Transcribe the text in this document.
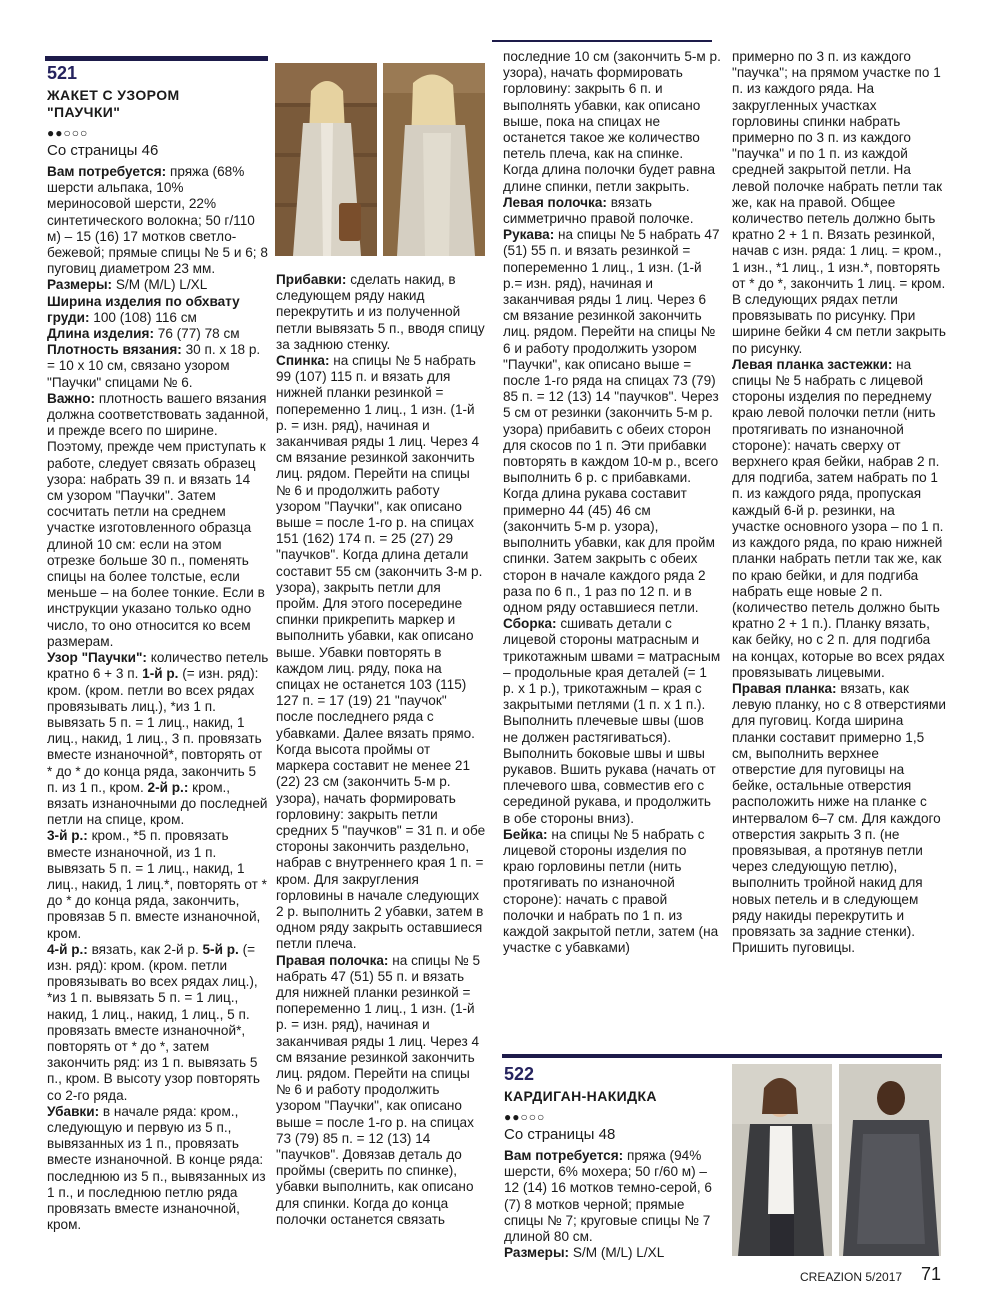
521
ЖАКЕТ С УЗОРОМ "ПАУЧКИ"
●●○○○
Со страницы 46

Вам потребуется: пряжа (68% шерсти альпака, 10% мериносовой шерсти, 22% синтетического волокна; 50 г/110 м) – 15 (16) 17 мотков светло-бежевой; прямые спицы № 5 и 6; 8 пуговиц диаметром 23 мм.

Размеры: S/M (M/L) L/XL

Ширина изделия по обхвату груди: 100 (108) 116 см

Длина изделия: 76 (77) 78 см

Плотность вязания: 30 п. х 18 р. = 10 х 10 см, связано узором "Паучки" спицами № 6.

Важно: плотность вашего вязания должна соответствовать заданной, и прежде всего по ширине. Поэтому, прежде чем приступать к работе, следует связать образец узора: набрать 39 п. и вязать 14 см узором "Паучки". Затем сосчитать петли на среднем участке изготовленного образца длиной 10 см: если на этом отрезке больше 30 п., поменять спицы на более толстые, если меньше – на более тонкие. Если в инструкции указано только одно число, то оно относится ко всем размерам.

Узор "Паучки": количество петель кратно 6 + 3 п. 1-й р. (= изн. ряд): кром. (кром. петли во всех рядах провязывать лиц.), *из 1 п. вывязать 5 п. = 1 лиц., накид, 1 лиц., накид, 1 лиц., 3 п. провязать вместе изнаночной*, повторять от * до * до конца ряда, закончить 5 п. из 1 п., кром. 2-й р.: кром., вязать изнаночными до последней петли на спице, кром.

3-й р.: кром., *5 п. провязать вместе изнаночной, из 1 п. вывязать 5 п. = 1 лиц., накид, 1 лиц., накид, 1 лиц.*, повторять от * до * до конца ряда, закончить, провязав 5 п. вместе изнаночной, кром.

4-й р.: вязать, как 2-й р. 5-й р. (= изн. ряд): кром. (кром. петли провязывать во всех рядах лиц.), *из 1 п. вывязать 5 п. = 1 лиц., накид, 1 лиц., накид, 1 лиц., 5 п. провязать вместе изнаночной*, повторять от * до *, затем закончить ряд: из 1 п. вывязать 5 п., кром. В высоту узор повторять со 2-го ряда.

Убавки: в начале ряда: кром., следующую и первую из 5 п., вывязанных из 1 п., провязать вместе изнаночной. В конце ряда: последнюю из 5 п., вывязанных из 1 п., и последнюю петлю ряда провязать вместе изнаночной, кром.

Прибавки: сделать накид, в следующем ряду накид перекрутить и из полученной петли вывязать 5 п., вводя спицу за заднюю стенку.

Спинка: на спицы № 5 набрать 99 (107) 115 п. и вязать для нижней планки резинкой = попеременно 1 лиц., 1 изн. (1-й р. = изн. ряд), начиная и заканчивая ряды 1 лиц. Через 4 см вязание резинкой закончить лиц. рядом. Перейти на спицы № 6 и продолжить работу узором "Паучки", как описано выше = после 1-го р. на спицах 151 (162) 174 п. = 25 (27) 29 "паучков". Когда длина детали составит 55 см (закончить 3-м р. узора), закрыть петли для пройм. Для этого посередине спинки прикрепить маркер и выполнить убавки, как описано выше. Убавки повторять в каждом лиц. ряду, пока на спицах не останется 103 (115) 127 п. = 17 (19) 21 "паучок" после последнего ряда с убавками. Далее вязать прямо. Когда высота проймы от маркера составит не менее 21 (22) 23 см (закончить 5-м р. узора), начать формировать горловину: закрыть петли средних 5 "паучков" = 31 п. и обе стороны закончить раздельно, набрав с внутреннего края 1 п. = кром. Для закругления горловины в начале следующих 2 р. выполнить 2 убавки, затем в одном ряду закрыть оставшиеся петли плеча.

Правая полочка: на спицы № 5 набрать 47 (51) 55 п. и вязать для нижней планки резинкой = попеременно 1 лиц., 1 изн. (1-й р. = изн. ряд), начиная и заканчивая ряды 1 лиц. Через 4 см вязание резинкой закончить лиц. рядом. Перейти на спицы № 6 и работу продолжить узором "Паучки", как описано выше = после 1-го р. на спицах 73 (79) 85 п. = 12 (13) 14 "паучков". Довязав деталь до проймы (сверить по спинке), убавки выполнить, как описано для спинки. Когда до конца полочки останется связать

последние 10 см (закончить 5-м р. узора), начать формировать горловину: закрыть 6 п. и выполнять убавки, как описано выше, пока на спицах не останется такое же количество петель плеча, как на спинке. Когда длина полочки будет равна длине спинки, петли закрыть.

Левая полочка: вязать симметрично правой полочке.

Рукава: на спицы № 5 набрать 47 (51) 55 п. и вязать резинкой = попеременно 1 лиц., 1 изн. (1-й р.= изн. ряд), начиная и заканчивая ряды 1 лиц. Через 6 см вязание резинкой закончить лиц. рядом. Перейти на спицы № 6 и работу продолжить узором "Паучки", как описано выше = после 1-го ряда на спицах 73 (79) 85 п. = 12 (13) 14 "паучков". Через 5 см от резинки (закончить 5-м р. узора) прибавить с обеих сторон для скосов по 1 п. Эти прибавки повторять в каждом 10-м р., всего выполнить 6 р. с прибавками. Когда длина рукава составит примерно 44 (45) 46 см (закончить 5-м р. узора), выполнить убавки, как для пройм спинки. Затем закрыть с обеих сторон в начале каждого ряда 2 раза по 6 п., 1 раз по 12 п. и в одном ряду оставшиеся петли.

Сборка: сшивать детали с лицевой стороны матрасным и трикотажным швами = матрасным – продольные края деталей (= 1 р. х 1 р.), трикотажным – края с закрытыми петлями (1 п. х 1 п.). Выполнить плечевые швы (шов не должен растягиваться). Выполнить боковые швы и швы рукавов. Вшить рукава (начать от плечевого шва, совместив его с серединой рукава, и продолжить в обе стороны вниз).

Бейка: на спицы № 5 набрать с лицевой стороны изделия по краю горловины петли (нить протягивать по изнаночной стороне): начать с правой полочки и набрать по 1 п. из каждой закрытой петли, затем (на участке с убавками)

примерно по 3 п. из каждого "паучка"; на прямом участке по 1 п. из каждого ряда. На закругленных участках горловины спинки набрать примерно по 3 п. из каждого "паучка" и по 1 п. из каждой средней закрытой петли. На левой полочке набрать петли так же, как на правой. Общее количество петель должно быть кратно 2 + 1 п. Вязать резинкой, начав с изн. ряда: 1 лиц. = кром., 1 изн., *1 лиц., 1 изн.*, повторять от * до *, закончить 1 лиц. = кром. В следующих рядах петли провязывать по рисунку. При ширине бейки 4 см петли закрыть по рисунку.

Левая планка застежки: на спицы № 5 набрать с лицевой стороны изделия по переднему краю левой полочки петли (нить протягивать по изнаночной стороне): начать сверху от верхнего края бейки, набрав 2 п. для подгиба, затем набрать по 1 п. из каждого ряда, пропуская каждый 6-й р. резинки, на участке основного узора – по 1 п. из каждого ряда, по краю нижней планки набрать петли так же, как по краю бейки, и для подгиба набрать еще новые 2 п. (количество петель должно быть кратно 2 + 1 п.). Планку вязать, как бейку, но с 2 п. для подгиба на концах, которые во всех рядах провязывать лицевыми.

Правая планка: вязать, как левую планку, но с 8 отверстиями для пуговиц. Когда ширина планки составит примерно 1,5 см, выполнить верхнее отверстие для пуговицы на бейке, остальные отверстия расположить ниже на планке с интервалом 6–7 см. Для каждого отверстия закрыть 3 п. (не провязывая, а протянув петли через следующую петлю), выполнить тройной накид для новых петель и в следующем ряду накиды перекрутить и провязать за задние стенки). Пришить пуговицы.

522
КАРДИГАН-НАКИДКА
●●○○○
Со страницы 48

Вам потребуется: пряжа (94% шерсти, 6% мохера; 50 г/60 м) – 12 (14) 16 мотков темно-серой, 6 (7) 8 мотков черной; прямые спицы № 7; круговые спицы № 7 длиной 80 см.

Размеры: S/M (M/L) L/XL

CREAZION 5/2017 71
